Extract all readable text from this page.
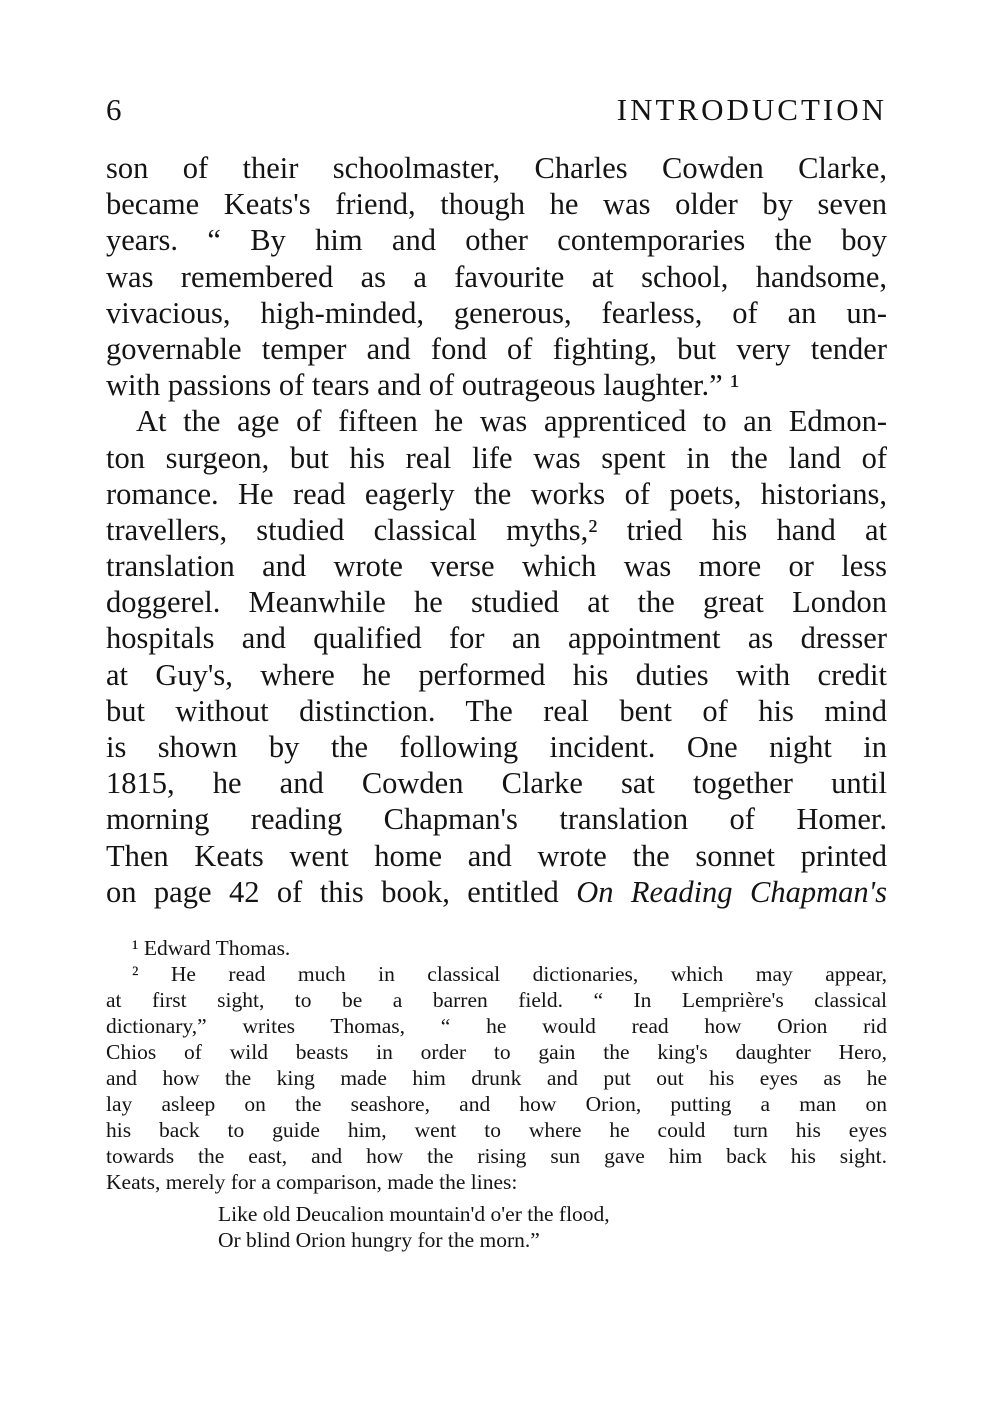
6	INTRODUCTION
son of their schoolmaster, Charles Cowden Clarke,
became Keats's friend, though he was older by seven
years. “ By him and other contemporaries the boy
was remembered as a favourite at school, handsome,
vivacious, high-minded, generous, fearless, of an un-
governable temper and fond of fighting, but very tender
with passions of tears and of outrageous laughter.” ¹
At the age of fifteen he was apprenticed to an Edmon-
ton surgeon, but his real life was spent in the land of
romance. He read eagerly the works of poets, historians,
travellers, studied classical myths,² tried his hand at
translation and wrote verse which was more or less
doggerel. Meanwhile he studied at the great London
hospitals and qualified for an appointment as dresser
at Guy's, where he performed his duties with credit
but without distinction. The real bent of his mind
is shown by the following incident. One night in
1815, he and Cowden Clarke sat together until
morning reading Chapman's translation of Homer.
Then Keats went home and wrote the sonnet printed
on page 42 of this book, entitled On Reading Chapman's
¹ Edward Thomas.
² He read much in classical dictionaries, which may appear,
at first sight, to be a barren field. “ In Lemprière's classical
dictionary,” writes Thomas, “ he would read how Orion rid
Chios of wild beasts in order to gain the king's daughter Hero,
and how the king made him drunk and put out his eyes as he
lay asleep on the seashore, and how Orion, putting a man on
his back to guide him, went to where he could turn his eyes
towards the east, and how the rising sun gave him back his sight.
Keats, merely for a comparison, made the lines:
Like old Deucalion mountain'd o'er the flood,
Or blind Orion hungry for the morn.”
